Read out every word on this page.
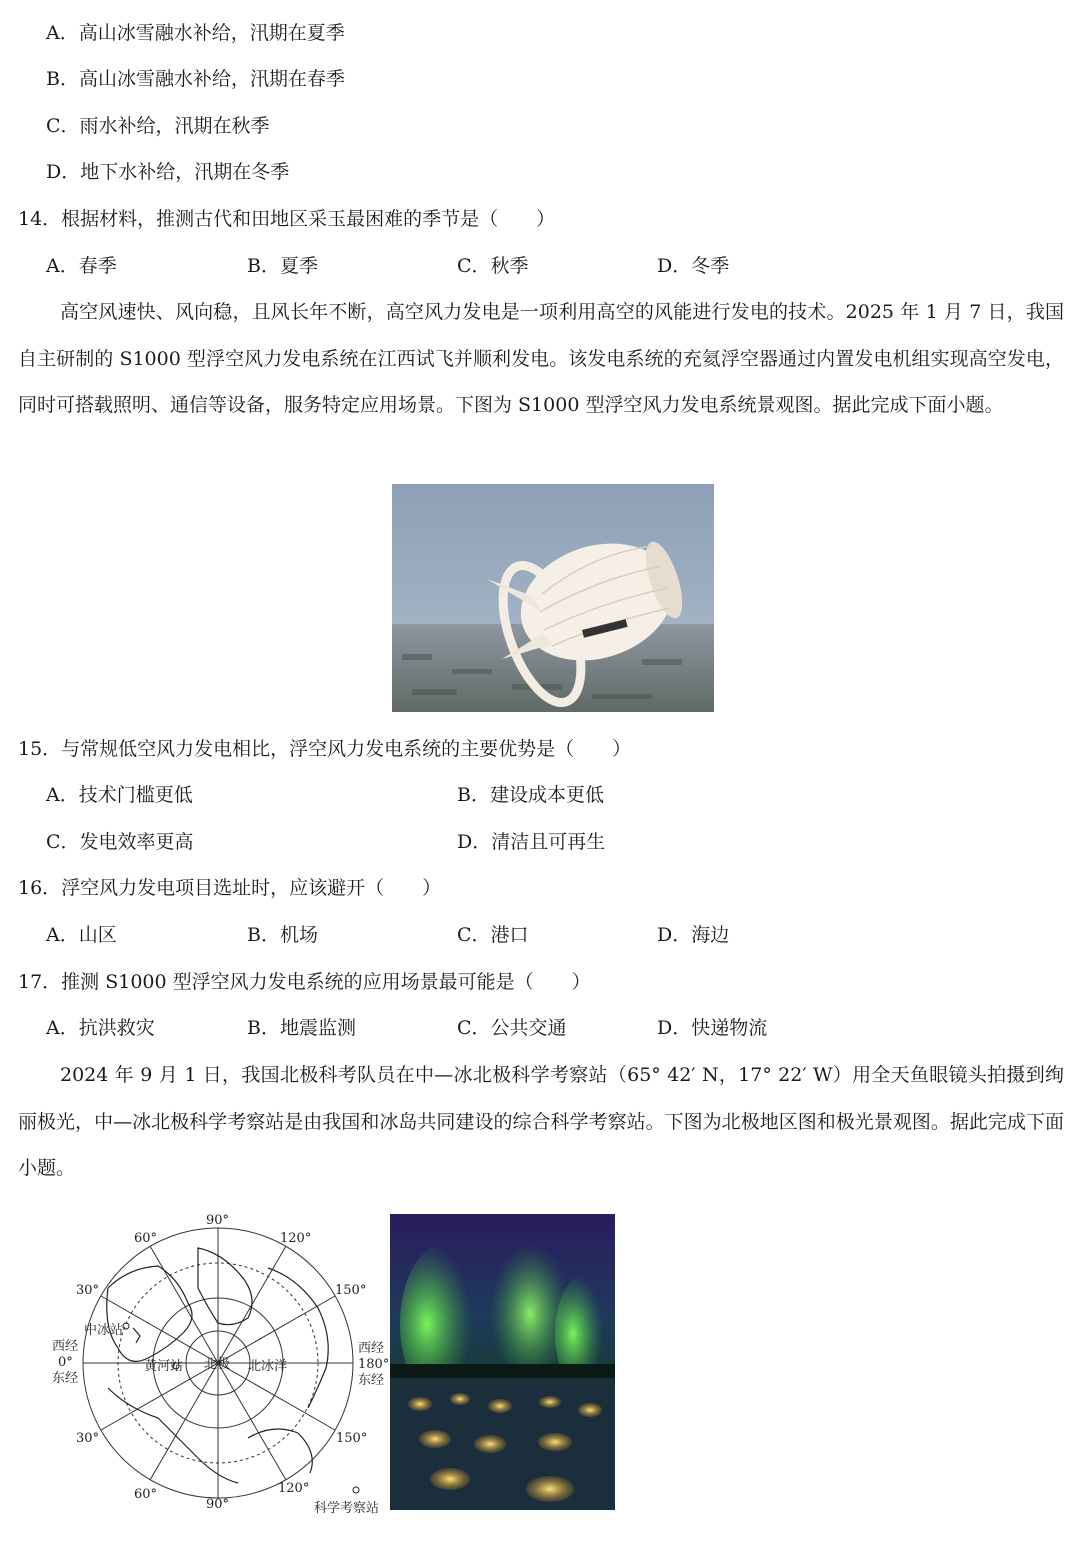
A．高山冰雪融水补给，汛期在夏季
B．高山冰雪融水补给，汛期在春季
C．雨水补给，汛期在秋季
D．地下水补给，汛期在冬季
14．根据材料，推测古代和田地区采玉最困难的季节是（　　）
A．春季	B．夏季	C．秋季	D．冬季
高空风速快、风向稳，且风长年不断，高空风力发电是一项利用高空的风能进行发电的技术。2025 年 1 月 7 日，我国自主研制的 S1000 型浮空风力发电系统在江西试飞并顺利发电。该发电系统的充氦浮空器通过内置发电机组实现高空发电，同时可搭载照明、通信等设备，服务特定应用场景。下图为 S1000 型浮空风力发电系统景观图。据此完成下面小题。
15．与常规低空风力发电相比，浮空风力发电系统的主要优势是（　　）
A．技术门槛更低	B．建设成本更低
C．发电效率更高	D．清洁且可再生
16．浮空风力发电项目选址时，应该避开（　　）
A．山区	B．机场	C．港口	D．海边
17．推测 S1000 型浮空风力发电系统的应用场景最可能是（　　）
A．抗洪救灾	B．地震监测	C．公共交通	D．快递物流
2024 年 9 月 1 日，我国北极科考队员在中—冰北极科学考察站（65° 42′ N，17° 22′ W）用全天鱼眼镜头拍摄到绚丽极光，中—冰北极科学考察站是由我国和冰岛共同建设的综合科学考察站。下图为北极地区图和极光景观图。据此完成下面小题。
90°
120°
60°
150°
30°
西经
0°
东经
西经
180°
东经
30°	150°
60°
90°
120°
中冰站
黄河站 北极 北冰洋
科学考察站
